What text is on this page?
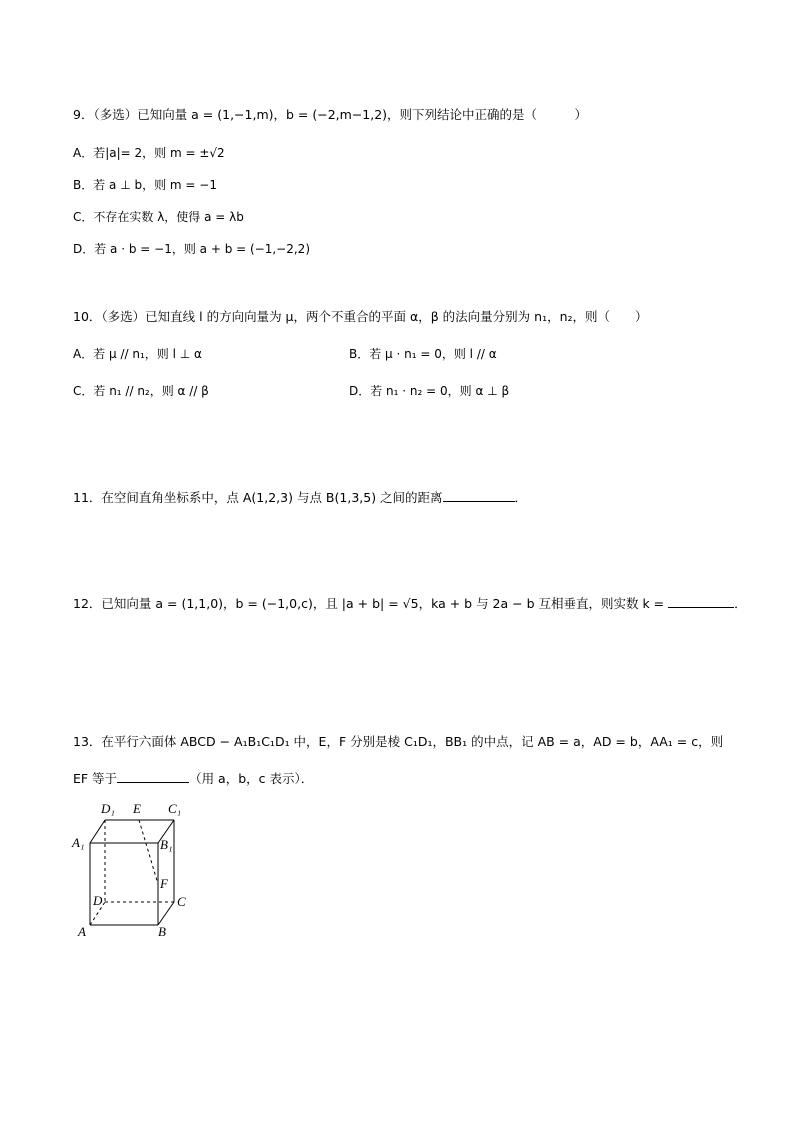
9．（多选）已知向量 a = (1,−1,m)，b = (−2,m−1,2)，则下列结论中正确的是（　　　）
A．若|a|= 2，则 m = ±√2
B．若 a ⊥ b，则 m = −1
C．不存在实数 λ，使得 a = λb
D．若 a · b = −1，则 a + b = (−1,−2,2)
10．（多选）已知直线 l 的方向向量为 μ，两个不重合的平面 α，β 的法向量分别为 n₁，n₂，则（　　）
A．若 μ // n₁，则 l ⊥ α	B．若 μ · n₁ = 0，则 l // α
C．若 n₁ // n₂，则 α // β	D．若 n₁ · n₂ = 0，则 α ⊥ β
11．在空间直角坐标系中，点 A(1,2,3) 与点 B(1,3,5) 之间的距离	．
12．已知向量 a = (1,1,0)，b = (−1,0,c)，且 |a + b| = √5，ka + b 与 2a − b 互相垂直，则实数 k =	．
13．在平行六面体 ABCD − A₁B₁C₁D₁ 中，E，F 分别是棱 C₁D₁，BB₁ 的中点，记 AB = a，AD = b，AA₁ = c，则
EF 等于	（用 a，b，c 表示）．
D₁ E C₁
A₁	B₁
F
D	C
A	B
